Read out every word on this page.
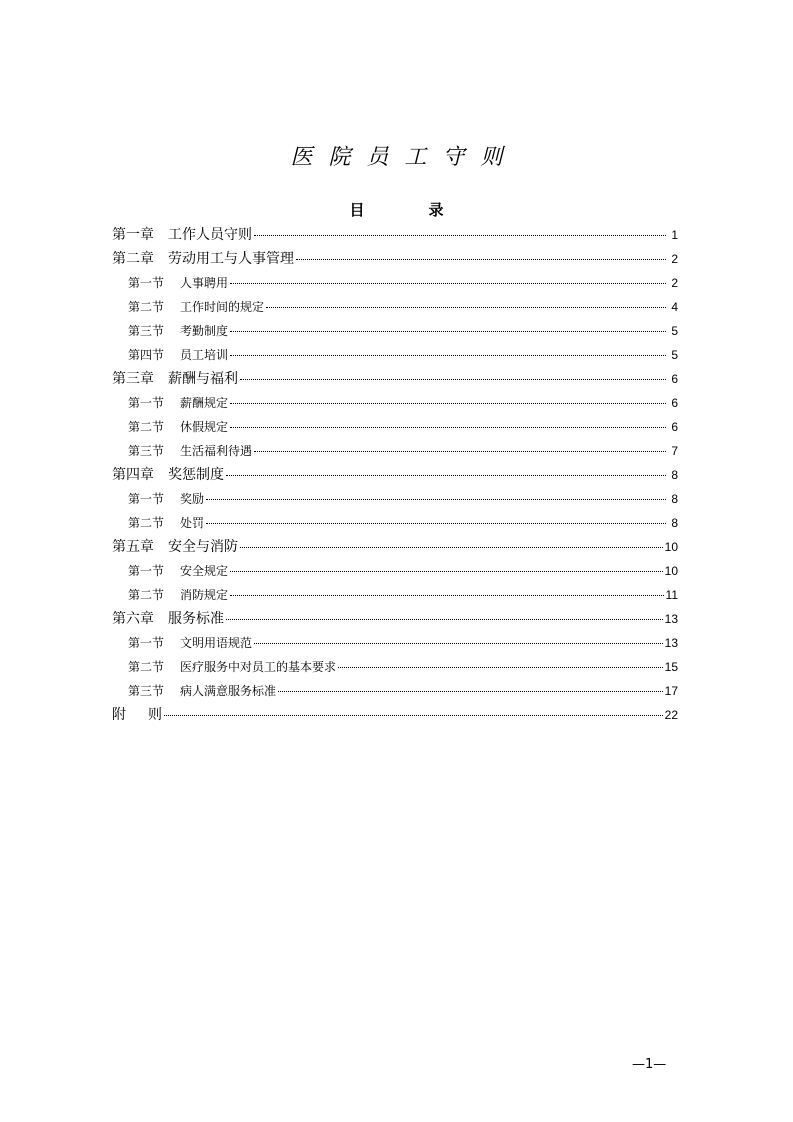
医院员工守则
目	录
第一章 工作人员守则	1
第二章 劳动用工与人事管理	2
第一节 人事聘用	2
第二节 工作时间的规定	4
第三节 考勤制度	5
第四节 员工培训	5
第三章 薪酬与福利	6
第一节 薪酬规定	6
第二节 休假规定	6
第三节 生活福利待遇	7
第四章 奖惩制度	8
第一节 奖励	8
第二节 处罚	8
第五章 安全与消防	10
第一节 安全规定	10
第二节 消防规定	11
第六章 服务标准	13
第一节 文明用语规范	13
第二节 医疗服务中对员工的基本要求	15
第三节 病人满意服务标准	17
附 则	22
—1—
